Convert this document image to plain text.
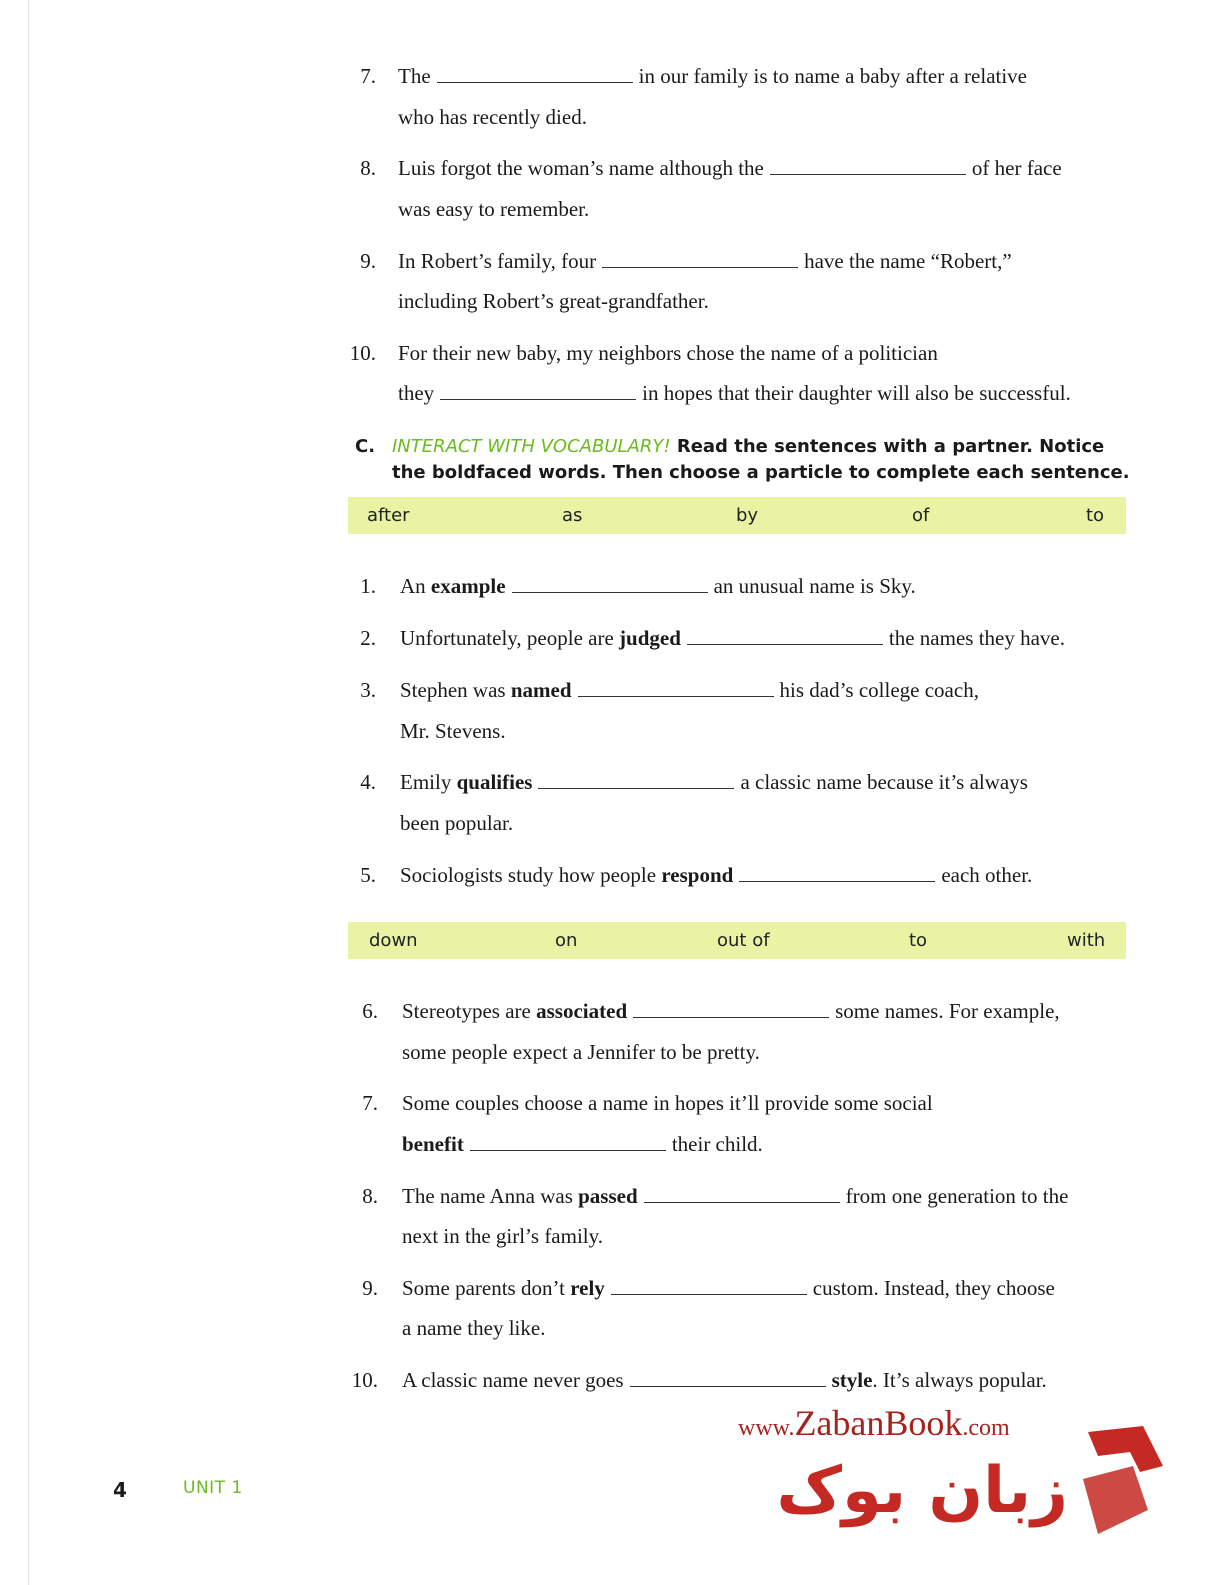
7. The	in our family is to name a baby after a relative
who has recently died.
8. Luis forgot the woman’s name although the	of her face
was easy to remember.
9. In Robert’s family, four	have the name “Robert,”
including Robert’s great-grandfather.
10. For their new baby, my neighbors chose the name of a politician
they	in hopes that their daughter will also be successful.
C. INTERACT WITH VOCABULARY! Read the sentences with a partner. Notice the boldfaced words. Then choose a particle to complete each sentence.
after	as	by	of	to
1. An example	an unusual name is Sky.
2. Unfortunately, people are judged	the names they have.
3. Stephen was named	his dad’s college coach,
Mr. Stevens.
4. Emily qualifies	a classic name because it’s always
been popular.
5. Sociologists study how people respond	each other.
down	on	out of	to	with
6. Stereotypes are associated	some names. For example,
some people expect a Jennifer to be pretty.
7. Some couples choose a name in hopes it’ll provide some social
benefit	their child.
8. The name Anna was passed	from one generation to the
next in the girl’s family.
9. Some parents don’t rely	custom. Instead, they choose
a name they like.
10. A classic name never goes	style. It’s always popular.
4	UNIT 1
www.ZabanBook.com
زبان بوک
